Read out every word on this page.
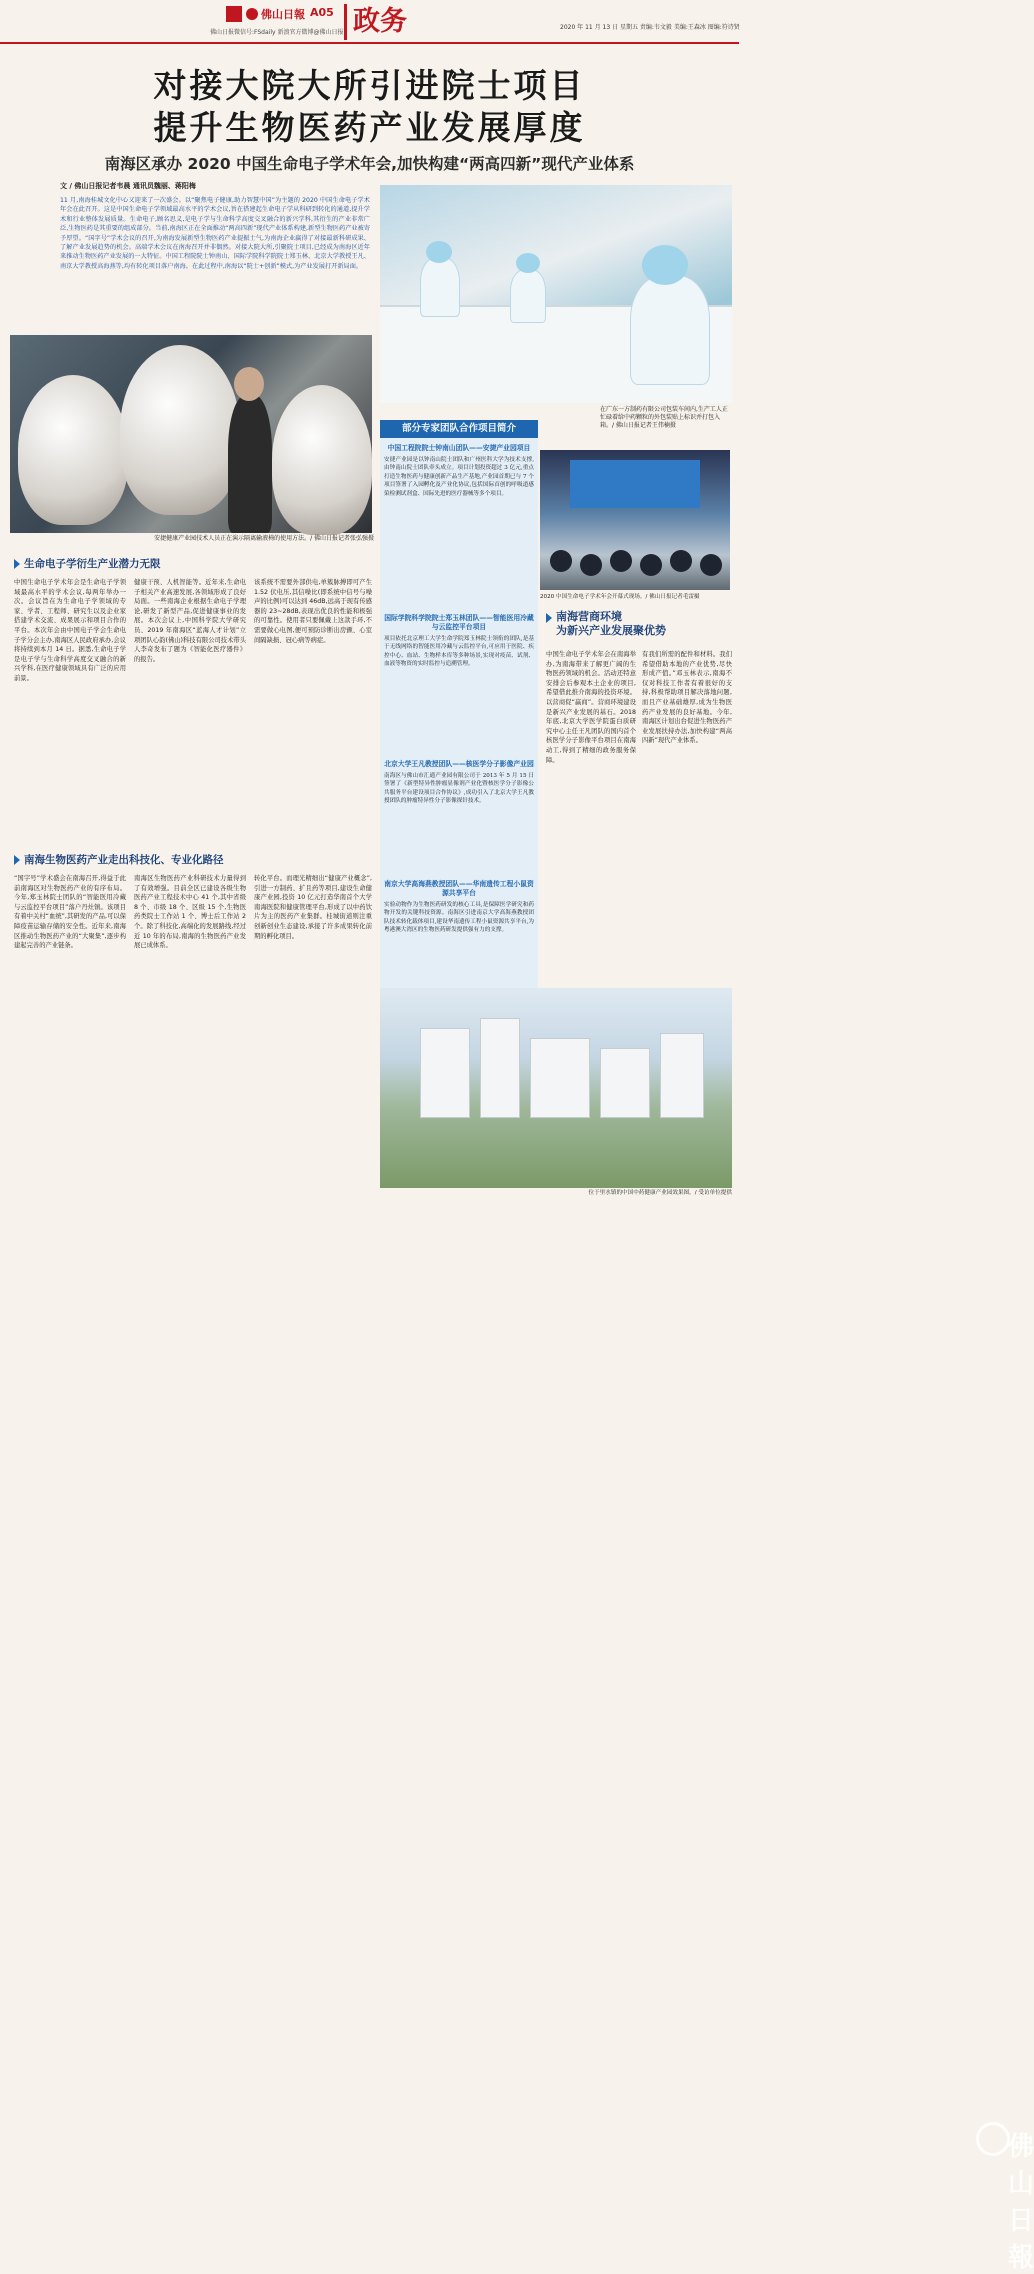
佛山日報 A05 政务
佛山日报微信号:FSdaily 新浪官方微博@佛山日报
2020 年 11 月 13 日 星期五 责编:韦文毅 美编:王森冰 图编:符诗贤
对接大院大所引进院士项目
提升生物医药产业发展厚度
南海区承办 2020 中国生命电子学术年会,加快构建“两高四新”现代产业体系
文 / 佛山日报记者韦晨 通讯员魏丽、蒋阳梅
11 月,南海桂城文化中心又迎来了一次盛会。以“聚焦电子健康,助力智慧中国”为主题的 2020 中国生命电子学术年会在此召开。这是中国生命电子学领域最高水平的学术会议,旨在搭建起生命电子学从科研到转化的通道,提升学术和行业整体发展质量。生命电子,顾名思义,是电子学与生命科学高度交叉融合的新兴学科,其衍生的产业非常广泛,生物医药是其重要的组成部分。当前,南海区正在全面推动“两高四新”现代产业体系构建,新型生物医药产业被寄予厚望。“国字号”学术会议的召开,为南海发展新型生物医药产业提振士气,为南海企业赢得了对接最新科研成果、了解产业发展趋势的机会。高端学术会议在南海召开并非偶然。对接大院大所,引聚院士项目,已经成为南海区近年来推动生物医药产业发展的一大特征。中国工程院院士钟南山、国际学院科学院院士郑玉林、北京大学教授王凡、南京大学教授高海燕等,均有转化项目落户南海。在此过程中,南海以“院士+创新”模式,为产业发展打开新局面。
安捷健康产业园技术人员正在演示隔离输液椅的使用方法。/ 佛山日报记者张弘强摄
在广东一方制药有限公司包装车间内,生产工人正忙碌着给中药颗粒的外包装贴上标识并打包入箱。/ 佛山日报记者王伟楠摄
部分专家团队合作项目简介
中国工程院院士钟南山团队——安捷产业园项目
安捷产业园是以钟南山院士团队和广州医科大学为技术支撑,由钟南山院士团队牵头成立。项目计划投资超过 3 亿元,重点打造生物医药与健康创新产品生产基地,产业园首期已与 7 个项目签署了入园孵化及产业化协议,包括国际首创的呼吸道感染检测试剂盒、国际先进的医疗器械等多个项目。
国际学院科学院院士郑玉林团队——智能医用冷藏与云监控平台项目
项目依托北京理工大学生命学院郑玉林院士领衔的团队,是基于无线网络的智能医用冷藏与云监控平台,可应用于医院、疾控中心、血站、生物样本库等多种场景,实现对疫苗、试剂、血液等物资的实时监控与追溯管理。
北京大学王凡教授团队——核医学分子影像产业园
南海区与佛山市汇通产业园有限公司于 2013 年 5 月 15 日签署了《新型特异性肿瘤显像剂产业化暨核医学分子影像公共服务平台建设项目合作协议》,成功引入了北京大学王凡教授团队的肿瘤特异性分子影像探针技术。
南京大学高海燕教授团队——华南遗传工程小鼠资源共享平台
实验动物作为生物医药研发的核心工具,是保障医学研究和药物开发的关键科技资源。南海区引进南京大学高海燕教授团队技术转化载体项目,建设华南遗传工程小鼠资源共享平台,为粤港澳大湾区的生物医药研发提供强有力的支撑。
2020 中国生命电子学术年会开幕式现场。/ 佛山日报记者毛雷摄
南海营商环境
为新兴产业发展聚优势
中国生命电子学术年会在南海举办,为南海带来了解更广阔的生物医药领域的机会。活动还特意安排会后参观本土企业的项目,希望借此推介南海的投资环境。以营商促“赢商”。营商环境建设是新兴产业发展的基石。2018 年底,北京大学医学院蛋白质研究中心主任王凡团队的国内首个核医学分子影像平台项目在南海动工,得到了精细的政务服务保障。
有我们所需的配件和材料。我们希望借助本地的产业优势,尽快形成产值。”邓玉林表示,南海不仅对科技工作者有着很好的支持,科极帮助项目解决落地问题,而且产业基础雄厚,成为生物医药产业发展的良好基地。今年,南海区计划出台促进生物医药产业发展扶持办法,加快构建“两高四新”现代产业体系。
佛山日報
位于里水镇的中国中药健康产业园效果图。/ 受访单位提供
生命电子学衍生产业潜力无限
中国生命电子学术年会是生命电子学领域最高水平的学术会议,每两年举办一次。会议旨在为生命电子学领域的专家、学者、工程师、研究生以及企业家搭建学术交流、成果展示和项目合作的平台。本次年会由中国电子学会生命电子学分会主办,南海区人民政府承办,会议将持续到本月 14 日。据悉,生命电子学是电子学与生命科学高度交叉融合的新兴学科,在医疗健康领域具有广泛的应用前景。
健康干预、人机智能等。近年来,生命电子相关产业高速发展,各领域形成了良好局面。一些南海企业根据生命电子学理论,研发了新型产品,促进健康事业的发展。本次会议上,中国科学院大学研究员、2019 年南海区“蓝海人才计划”立项团队心韵(佛山)科技有限公司技术带头人李奇发布了题为《智能化医疗器件》的报告。
该系统不需要外部供电,单簇脉搏即可产生 1.52 伏电压,其信噪比(即系统中信号与噪声的比例)可以达到 46dB,远高于现有传感器的 23~28dB,表现出优良的性能和极强的可靠性。使用者只要佩戴上这款手环,不需要做心电图,便可预防诊断出房颤、心室间隔缺损、冠心病等病症。
南海生物医药产业走出科技化、专业化路径
“国字号”学术盛会在南海召开,得益于此前南海区对生物医药产业的有序布局。今年,郑玉林院士团队的“智能医用冷藏与云监控平台项目”落户丹灶镇。该项目有着中关村“血统”,其研发的产品,可以保障疫苗运输存储的安全性。近年来,南海区推动生物医药产业的“大聚集”,逐步构建起完善的产业链条。
南海区生物医药产业科研技术力量得到了有效增强。目前全区已建设各级生物医药产业工程技术中心 41 个,其中省级 8 个、市级 18 个、区级 15 个,生物医药类院士工作站 1 个、博士后工作站 2 个。除了科技化,高端化的发展路线,经过近 10 年的布局,南海的生物医药产业发展已成体系。
转化平台。而理光精细出“健康产业概念”,引进一方制药、扩且药等项目,建设生命健康产业园,投资 10 亿元打造华南首个大学南海医院和健康管理平台,形成了以中药饮片为主的医药产业集群。桂城街道则注重创新创业生态建设,承接了许多成果转化前期的孵化项目。
